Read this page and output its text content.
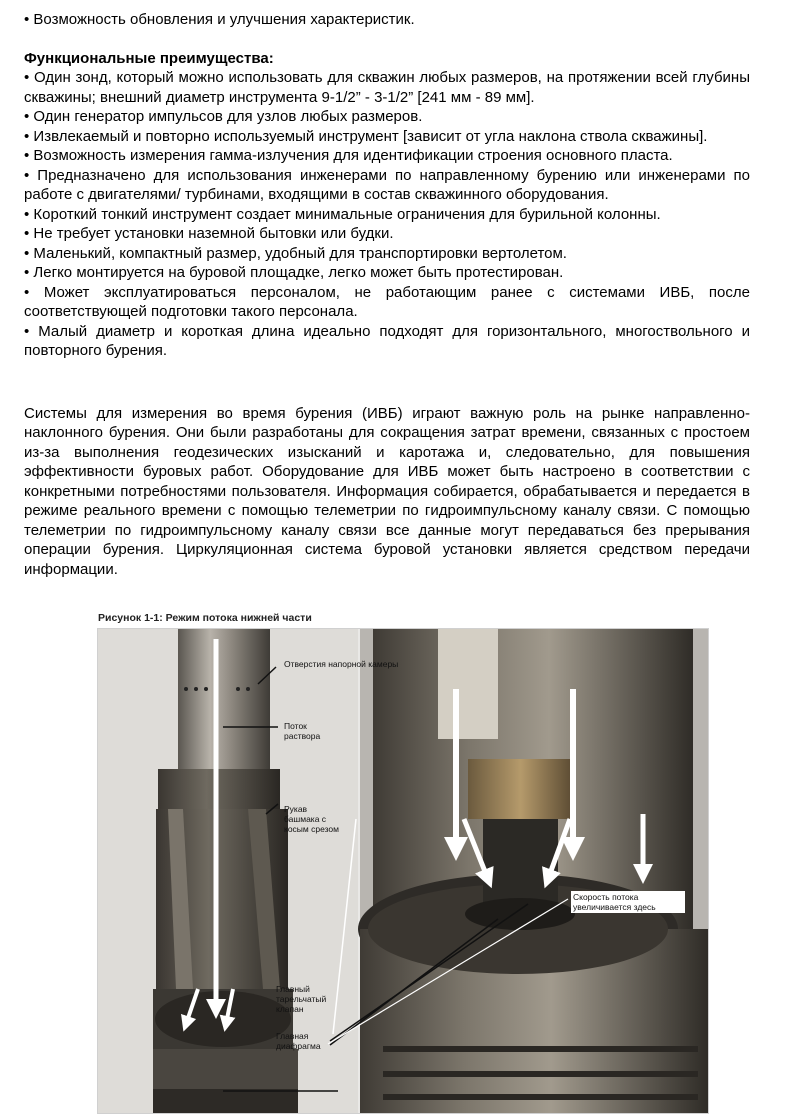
• Возможность обновления и улучшения характеристик.

Функциональные преимущества:

• Один зонд, который можно использовать для скважин любых размеров, на протяжении всей глубины скважины; внешний диаметр инструмента 9-1/2” - 3-1/2” [241 мм - 89 мм].

• Один генератор импульсов для узлов любых размеров.

• Извлекаемый и повторно используемый инструмент [зависит от угла наклона ствола скважины].

• Возможность измерения гамма-излучения для идентификации строения основного пласта.

• Предназначено для использования инженерами по направленному бурению или инженерами по работе с двигателями/ турбинами, входящими в состав скважинного оборудования.

• Короткий тонкий инструмент создает минимальные ограничения для бурильной колонны.

• Не требует установки наземной бытовки или будки.

• Маленький, компактный размер, удобный для транспортировки вертолетом.

• Легко монтируется на буровой площадке, легко может быть протестирован.

• Может эксплуатироваться персоналом, не работающим ранее с системами ИВБ, после соответствующей подготовки такого персонала.

• Малый диаметр и короткая длина идеально подходят для горизонтального, многоствольного и повторного бурения.

Системы для измерения во время бурения (ИВБ) играют важную роль на рынке направленно-наклонного бурения. Они были разработаны для сокращения затрат времени, связанных с простоем из-за выполнения геодезических изысканий и каротажа и, следовательно, для повышения эффективности буровых работ. Оборудование для ИВБ может быть настроено в соответствии с конкретными потребностями пользователя. Информация собирается, обрабатывается и передается в режиме реального времени с помощью телеметрии по гидроимпульсному каналу связи. С помощью телеметрии по гидроимпульсному каналу связи все данные могут передаваться без прерывания операции бурения. Циркуляционная система буровой установки является средством передачи информации.

Рисунок 1-1: Режим потока нижней части
Отверстия напорной камеры
Поток раствора
Рукав башмака с косым срезом
Скорость потока увеличивается здесь
Главный тарельчатый клапан
Главная диафрагма
